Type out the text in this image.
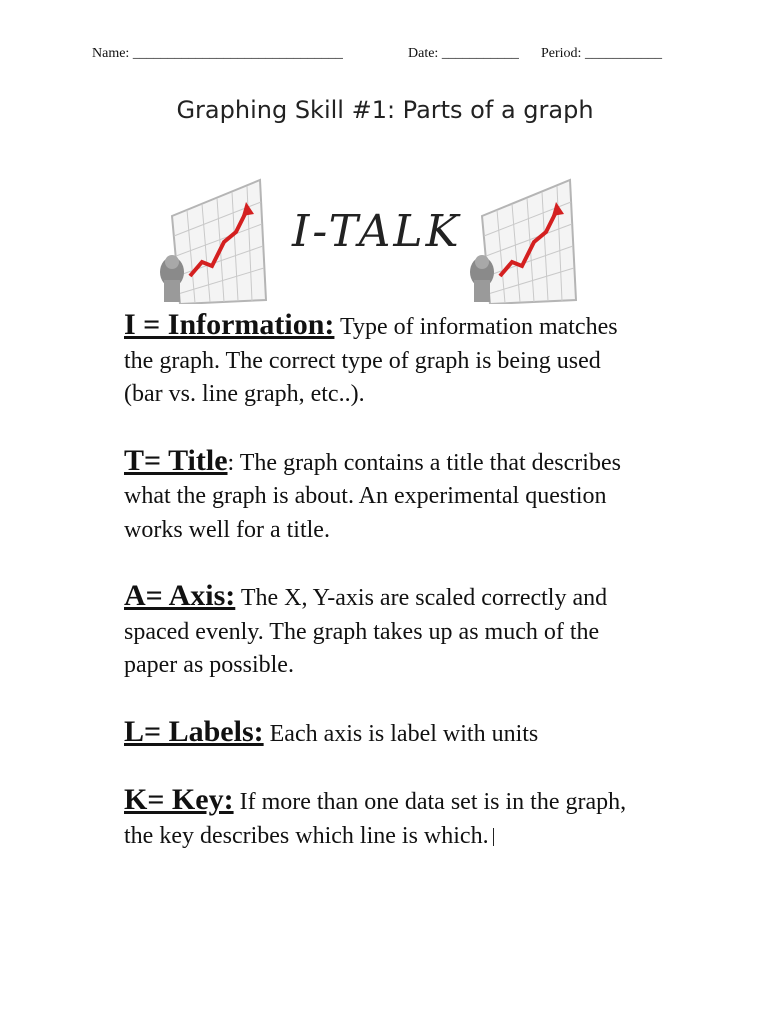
Name: ______________________________	Date: ___________ Period: ___________
Graphing Skill #1: Parts of a graph
I-TALK
I = Information: Type of information matches the graph. The correct type of graph is being used (bar vs. line graph, etc..).
T= Title: The graph contains a title that describes what the graph is about. An experimental question works well for a title.
A= Axis: The X, Y-axis are scaled correctly and spaced evenly. The graph takes up as much of the paper as possible.
L= Labels: Each axis is label with units
K= Key: If more than one data set is in the graph, the key describes which line is which.
